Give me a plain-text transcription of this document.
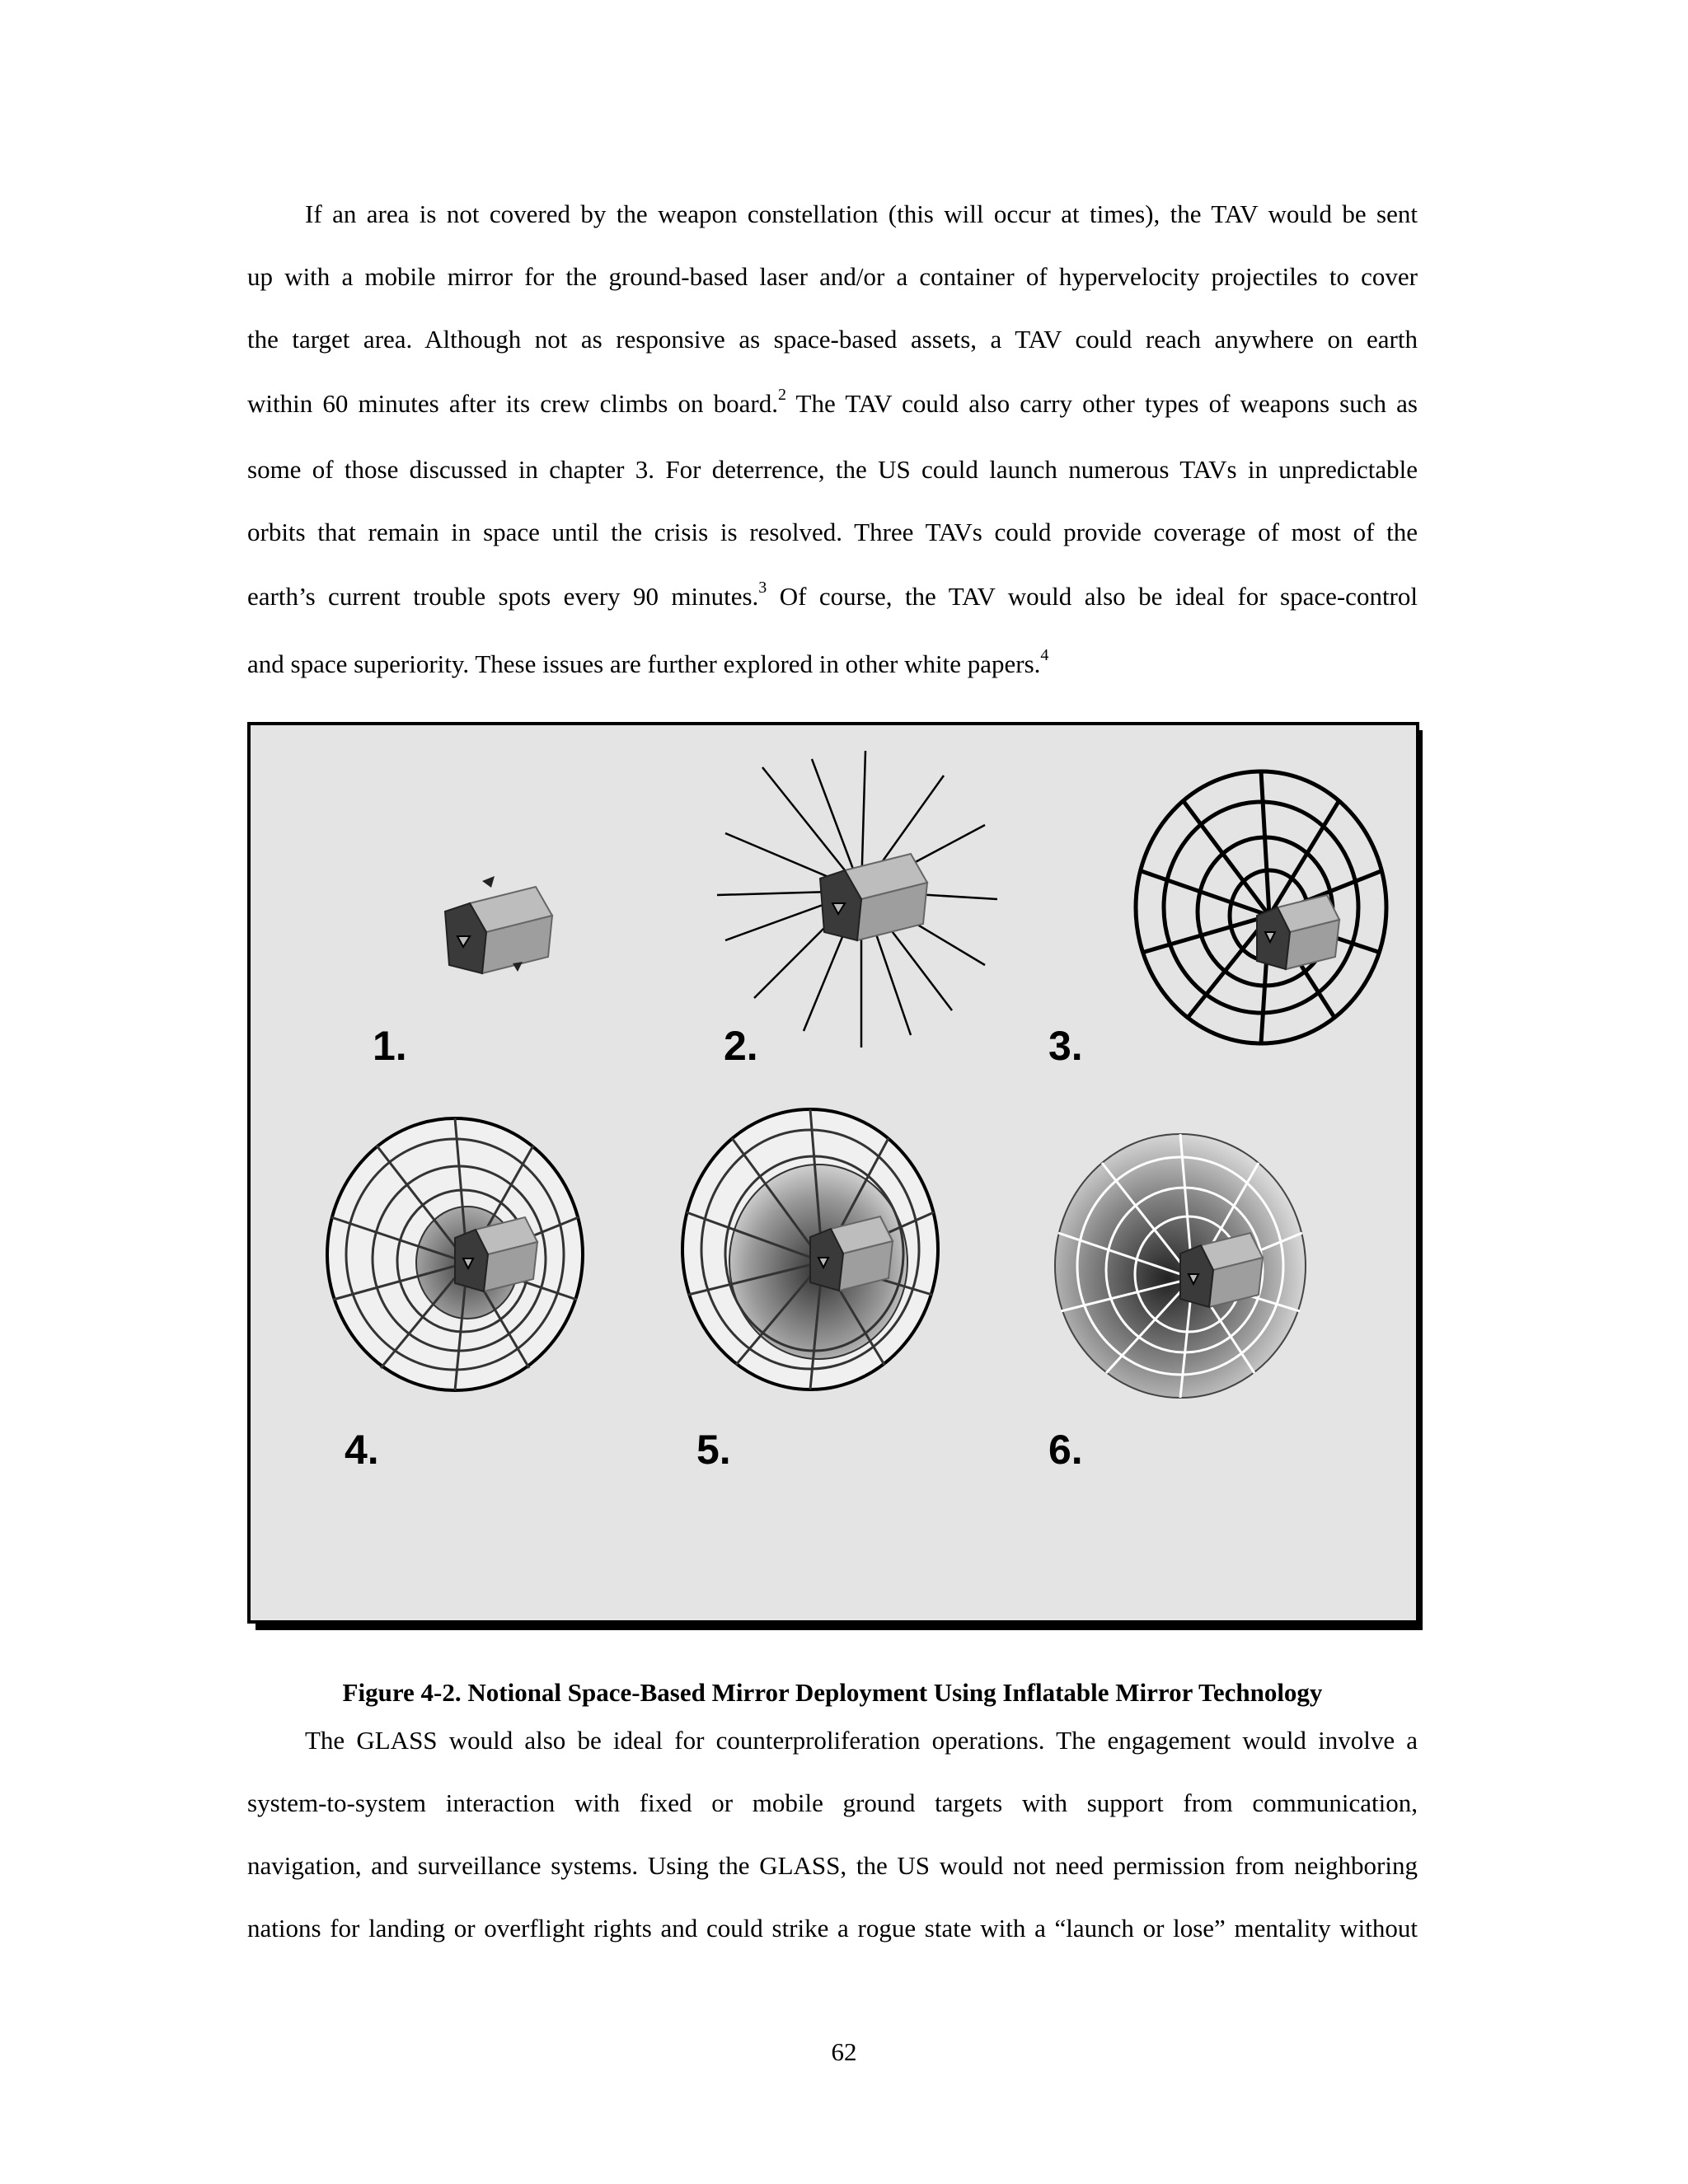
If an area is not covered by the weapon constellation (this will occur at times), the TAV would be sent
up with a mobile mirror for the ground-based laser and/or a container of hypervelocity projectiles to cover
the target area. Although not as responsive as space-based assets, a TAV could reach anywhere on earth
within 60 minutes after its crew climbs on board.$^2$ The TAV could also carry other types of weapons such as
some of those discussed in chapter 3. For deterrence, the US could launch numerous TAVs in unpredictable
orbits that remain in space until the crisis is resolved. Three TAVs could provide coverage of most of the
earth’s current trouble spots every 90 minutes.$^3$ Of course, the TAV would also be ideal for space-control
and space superiority. These issues are further explored in other white papers.$^4$
1.	2.	3.
4.	5.	6.
Figure 4-2. Notional Space-Based Mirror Deployment Using Inflatable Mirror Technology
The GLASS would also be ideal for counterproliferation operations. The engagement would involve a
system-to-system interaction with fixed or mobile ground targets with support from communication,
navigation, and surveillance systems. Using the GLASS, the US would not need permission from neighboring
nations for landing or overflight rights and could strike a rogue state with a “launch or lose” mentality without
62
